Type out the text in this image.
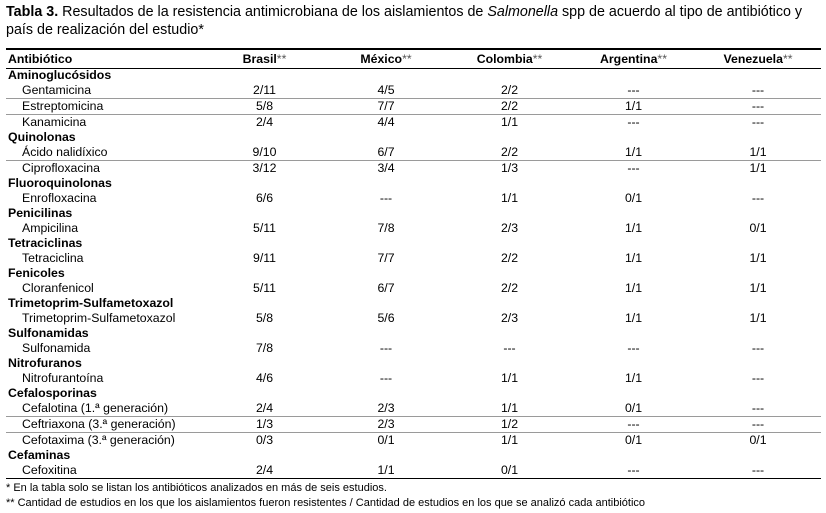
Tabla 3. Resultados de la resistencia antimicrobiana de los aislamientos de Salmonella spp de acuerdo al tipo de antibiótico y país de realización del estudio*
Antibiótico	Brasil**	México**	Colombia**	Argentina**	Venezuela**
Aminoglucósidos					
Gentamicina	2/11	4/5	2/2	---	---
Estreptomicina	5/8	7/7	2/2	1/1	---
Kanamicina	2/4	4/4	1/1	---	---
Quinolonas					
Ácido nalidíxico	9/10	6/7	2/2	1/1	1/1
Ciprofloxacina	3/12	3/4	1/3	---	1/1
Fluoroquinolonas					
Enrofloxacina	6/6	---	1/1	0/1	---
Penicilinas					
Ampicilina	5/11	7/8	2/3	1/1	0/1
Tetraciclinas					
Tetraciclina	9/11	7/7	2/2	1/1	1/1
Fenicoles					
Cloranfenicol	5/11	6/7	2/2	1/1	1/1
Trimetoprim-Sulfametoxazol					
Trimetoprim-Sulfametoxazol	5/8	5/6	2/3	1/1	1/1
Sulfonamidas					
Sulfonamida	7/8	---	---	---	---
Nitrofuranos					
Nitrofurantoína	4/6	---	1/1	1/1	---
Cefalosporinas					
Cefalotina (1.ª generación)	2/4	2/3	1/1	0/1	---
Ceftriaxona (3.ª generación)	1/3	2/3	1/2	---	---
Cefotaxima (3.ª generación)	0/3	0/1	1/1	0/1	0/1
Cefaminas					
Cefoxitina	2/4	1/1	0/1	---	---
* En la tabla solo se listan los antibióticos analizados en más de seis estudios.
** Cantidad de estudios en los que los aislamientos fueron resistentes / Cantidad de estudios en los que se analizó cada antibiótico
